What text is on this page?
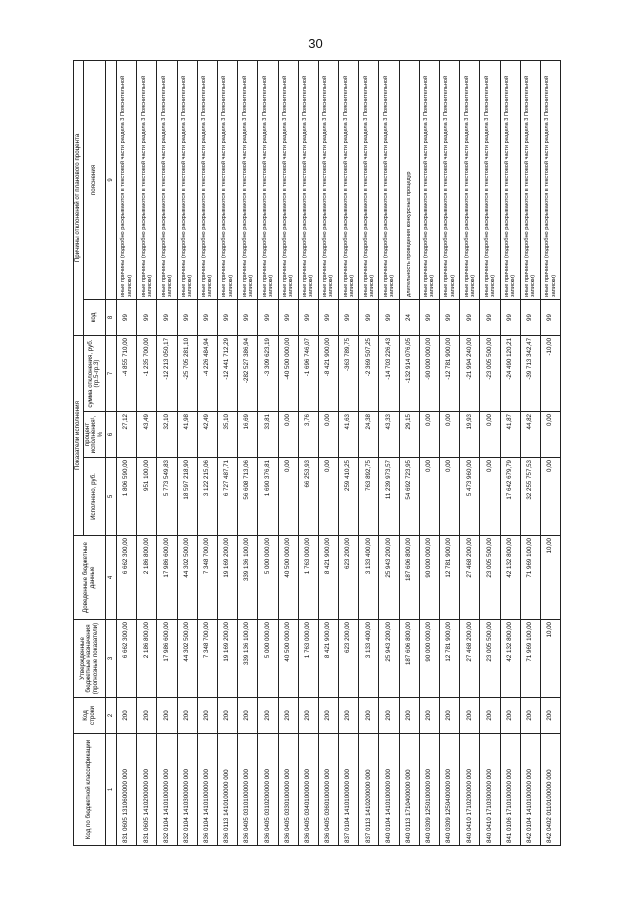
30
Код по бюджетной классификации	Код строки	Утвержденные бюджетные назначения (прогнозные показатели)	Доведенные бюджетные данные	Показатели исполнения			Причины отклонений от планового процента	
				Исполнено, руб.	процент исполнения¹, %	сумма отклонения, руб. (гр.5-гр.3)		
							код	пояснения
1	2	3	4	5	6	7	8	9
831 0605 1310600000 000	200	6 662 300,00	6 662 300,00	1 806 590,00	27,12	-4 855 710,00	99	иные причины (подробно раскрываются в текстовой части раздела 3 Пояснительной записки)
831 0605 1410200000 000	200	2 186 800,00	2 186 800,00	951 100,00	43,49	-1 235 700,00	99	иные причины (подробно раскрываются в текстовой части раздела 3 Пояснительной записки)
832 0104 1410100000 000	200	17 986 600,00	17 986 600,00	5 773 549,83	32,10	-12 213 050,17	99	иные причины (подробно раскрываются в текстовой части раздела 3 Пояснительной записки)
832 0104 1410300000 000	200	44 302 500,00	44 302 500,00	18 597 218,90	41,98	-25 705 281,10	99	иные причины (подробно раскрываются в текстовой части раздела 3 Пояснительной записки)
836 0104 1410100000 000	200	7 348 700,00	7 348 700,00	3 122 215,06	42,49	-4 226 484,94	99	иные причины (подробно раскрываются в текстовой части раздела 3 Пояснительной записки)
836 0113 1410100000 000	200	19 169 200,00	19 169 200,00	6 727 487,71	35,10	-12 441 712,29	99	иные причины (подробно раскрываются в текстовой части раздела 3 Пояснительной записки)
836 0405 0310100000 000	200	339 136 100,00	339 136 100,00	56 608 713,06	16,69	-282 527 386,94	99	иные причины (подробно раскрываются в текстовой части раздела 3 Пояснительной записки)
836 0405 0310200000 000	200	5 000 000,00	5 000 000,00	1 690 376,81	33,81	-3 309 623,19	99	иные причины (подробно раскрываются в текстовой части раздела 3 Пояснительной записки)
836 0405 0330100000 000	200	40 500 000,00	40 500 000,00	0,00	0,00	-40 500 000,00	99	иные причины (подробно раскрываются в текстовой части раздела 3 Пояснительной записки)
836 0405 0340100000 000	200	1 763 000,00	1 763 000,00	66 253,93	3,76	-1 696 746,07	99	иные причины (подробно раскрываются в текстовой части раздела 3 Пояснительной записки)
836 0405 0360100000 000	200	8 421 900,00	8 421 900,00	0,00	0,00	-8 421 900,00	99	иные причины (подробно раскрываются в текстовой части раздела 3 Пояснительной записки)
837 0104 1410100000 000	200	623 200,00	623 200,00	259 410,25	41,63	-363 789,75	99	иные причины (подробно раскрываются в текстовой части раздела 3 Пояснительной записки)
837 0113 1410200000 000	200	3 133 400,00	3 133 400,00	763 892,75	24,38	-2 369 507,25	99	иные причины (подробно раскрываются в текстовой части раздела 3 Пояснительной записки)
840 0104 1410100000 000	200	25 943 200,00	25 943 200,00	11 239 973,57	43,33	-14 703 226,43	99	иные причины (подробно раскрываются в текстовой части раздела 3 Пояснительной записки)
840 0113 1710400000 000	200	187 606 800,00	187 606 800,00	54 692 723,95	29,15	-132 914 076,05	24	длительность проведения конкурсных процедур
840 0309 1250100000 000	200	90 000 000,00	90 000 000,00	0,00	0,00	-90 000 000,00	99	иные причины (подробно раскрываются в текстовой части раздела 3 Пояснительной записки)
840 0309 1250400000 000	200	12 781 900,00	12 781 900,00	0,00	0,00	-12 781 900,00	99	иные причины (подробно раскрываются в текстовой части раздела 3 Пояснительной записки)
840 0410 1710200000 000	200	27 468 200,00	27 468 200,00	5 473 960,00	19,93	-21 994 240,00	99	иные причины (подробно раскрываются в текстовой части раздела 3 Пояснительной записки)
840 0410 1710300000 000	200	23 005 500,00	23 005 500,00	0,00	0,00	-23 005 500,00	99	иные причины (подробно раскрываются в текстовой части раздела 3 Пояснительной записки)
841 0106 1710100000 000	200	42 132 800,00	42 132 800,00	17 642 679,79	41,87	-24 490 120,21	99	иные причины (подробно раскрываются в текстовой части раздела 3 Пояснительной записки)
842 0104 1410100000 000	200	71 969 100,00	71 969 100,00	32 255 757,53	44,82	-39 713 342,47	99	иные причины (подробно раскрываются в текстовой части раздела 3 Пояснительной записки)
842 0402 0110100000 000	200	10,00	10,00	0,00	0,00	-10,00	99	иные причины (подробно раскрываются в текстовой части раздела 3 Пояснительной записки)
